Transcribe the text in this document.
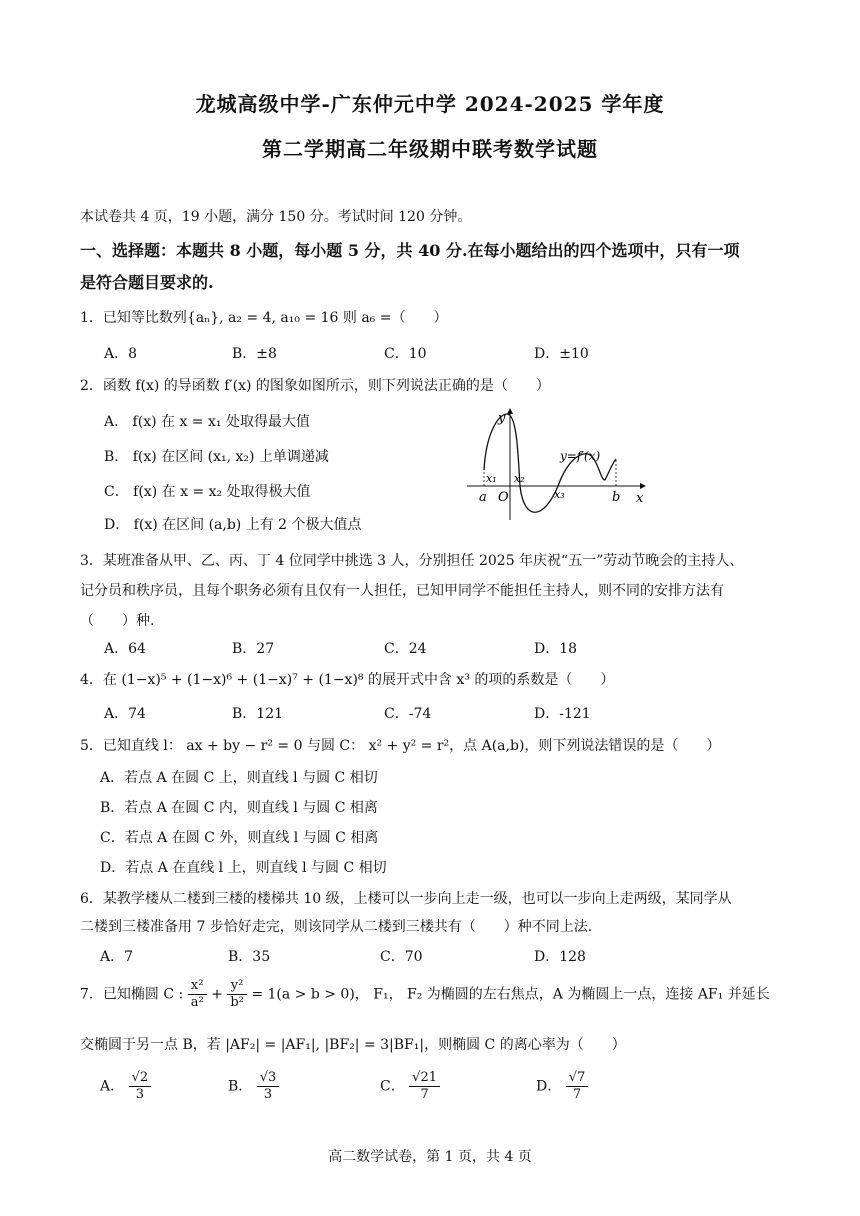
龙城高级中学-广东仲元中学 2024-2025 学年度
第二学期高二年级期中联考数学试题
本试卷共 4 页，19 小题，满分 150 分。考试时间 120 分钟。
一、选择题：本题共 8 小题，每小题 5 分，共 40 分.在每小题给出的四个选项中，只有一项
是符合题目要求的.
1．已知等比数列{aₙ}, a₂ = 4, a₁₀ = 16 则 a₆ =（　　）
A．8	B．±8	C．10	D．±10
2．函数 f(x) 的导函数 f′(x) 的图象如图所示，则下列说法正确的是（　　）
A． f(x) 在 x = x₁ 处取得最大值
B． f(x) 在区间 (x₁, x₂) 上单调递减
C． f(x) 在 x = x₂ 处取得极大值
D． f(x) 在区间 (a,b) 上有 2 个极大值点
y
x
O
a	b
x₁ x₂
x₃
y=f′(x)
3．某班准备从甲、乙、丙、丁 4 位同学中挑选 3 人，分别担任 2025 年庆祝“五一”劳动节晚会的主持人、
记分员和秩序员，且每个职务必须有且仅有一人担任，已知甲同学不能担任主持人，则不同的安排方法有
（　　）种.
A．64	B．27	C．24	D．18
4．在 (1−x)⁵ + (1−x)⁶ + (1−x)⁷ + (1−x)⁸ 的展开式中含 x³ 的项的系数是（　　）
A．74	B．121	C．-74	D．-121
5．已知直线 l： ax + by − r² = 0 与圆 C： x² + y² = r²，点 A(a,b)，则下列说法错误的是（　　）
A．若点 A 在圆 C 上，则直线 l 与圆 C 相切
B．若点 A 在圆 C 内，则直线 l 与圆 C 相离
C．若点 A 在圆 C 外，则直线 l 与圆 C 相离
D．若点 A 在直线 l 上，则直线 l 与圆 C 相切
6．某教学楼从二楼到三楼的楼梯共 10 级，上楼可以一步向上走一级，也可以一步向上走两级，某同学从
二楼到三楼准备用 7 步恰好走完，则该同学从二楼到三楼共有（　　）种不同上法.
A．7	B．35	C．70	D．128
7．已知椭圆 C : $\frac{\text{x²}}{\text{a²}} + \frac{\text{y²}}{\text{b²}} = 1(a > b > 0)$， F₁， F₂ 为椭圆的左右焦点，A 为椭圆上一点，连接 AF₁ 并延长
交椭圆于另一点 B，若 |AF₂| = |AF₁|, |BF₂| = 3|BF₁|，则椭圆 C 的离心率为（　　）
A． $\frac{√2}{3}$	B． $\frac{√3}{3}$	C． $\frac{√21}{7}$	D． $\frac{√7}{7}$
高二数学试卷，第 1 页，共 4 页
